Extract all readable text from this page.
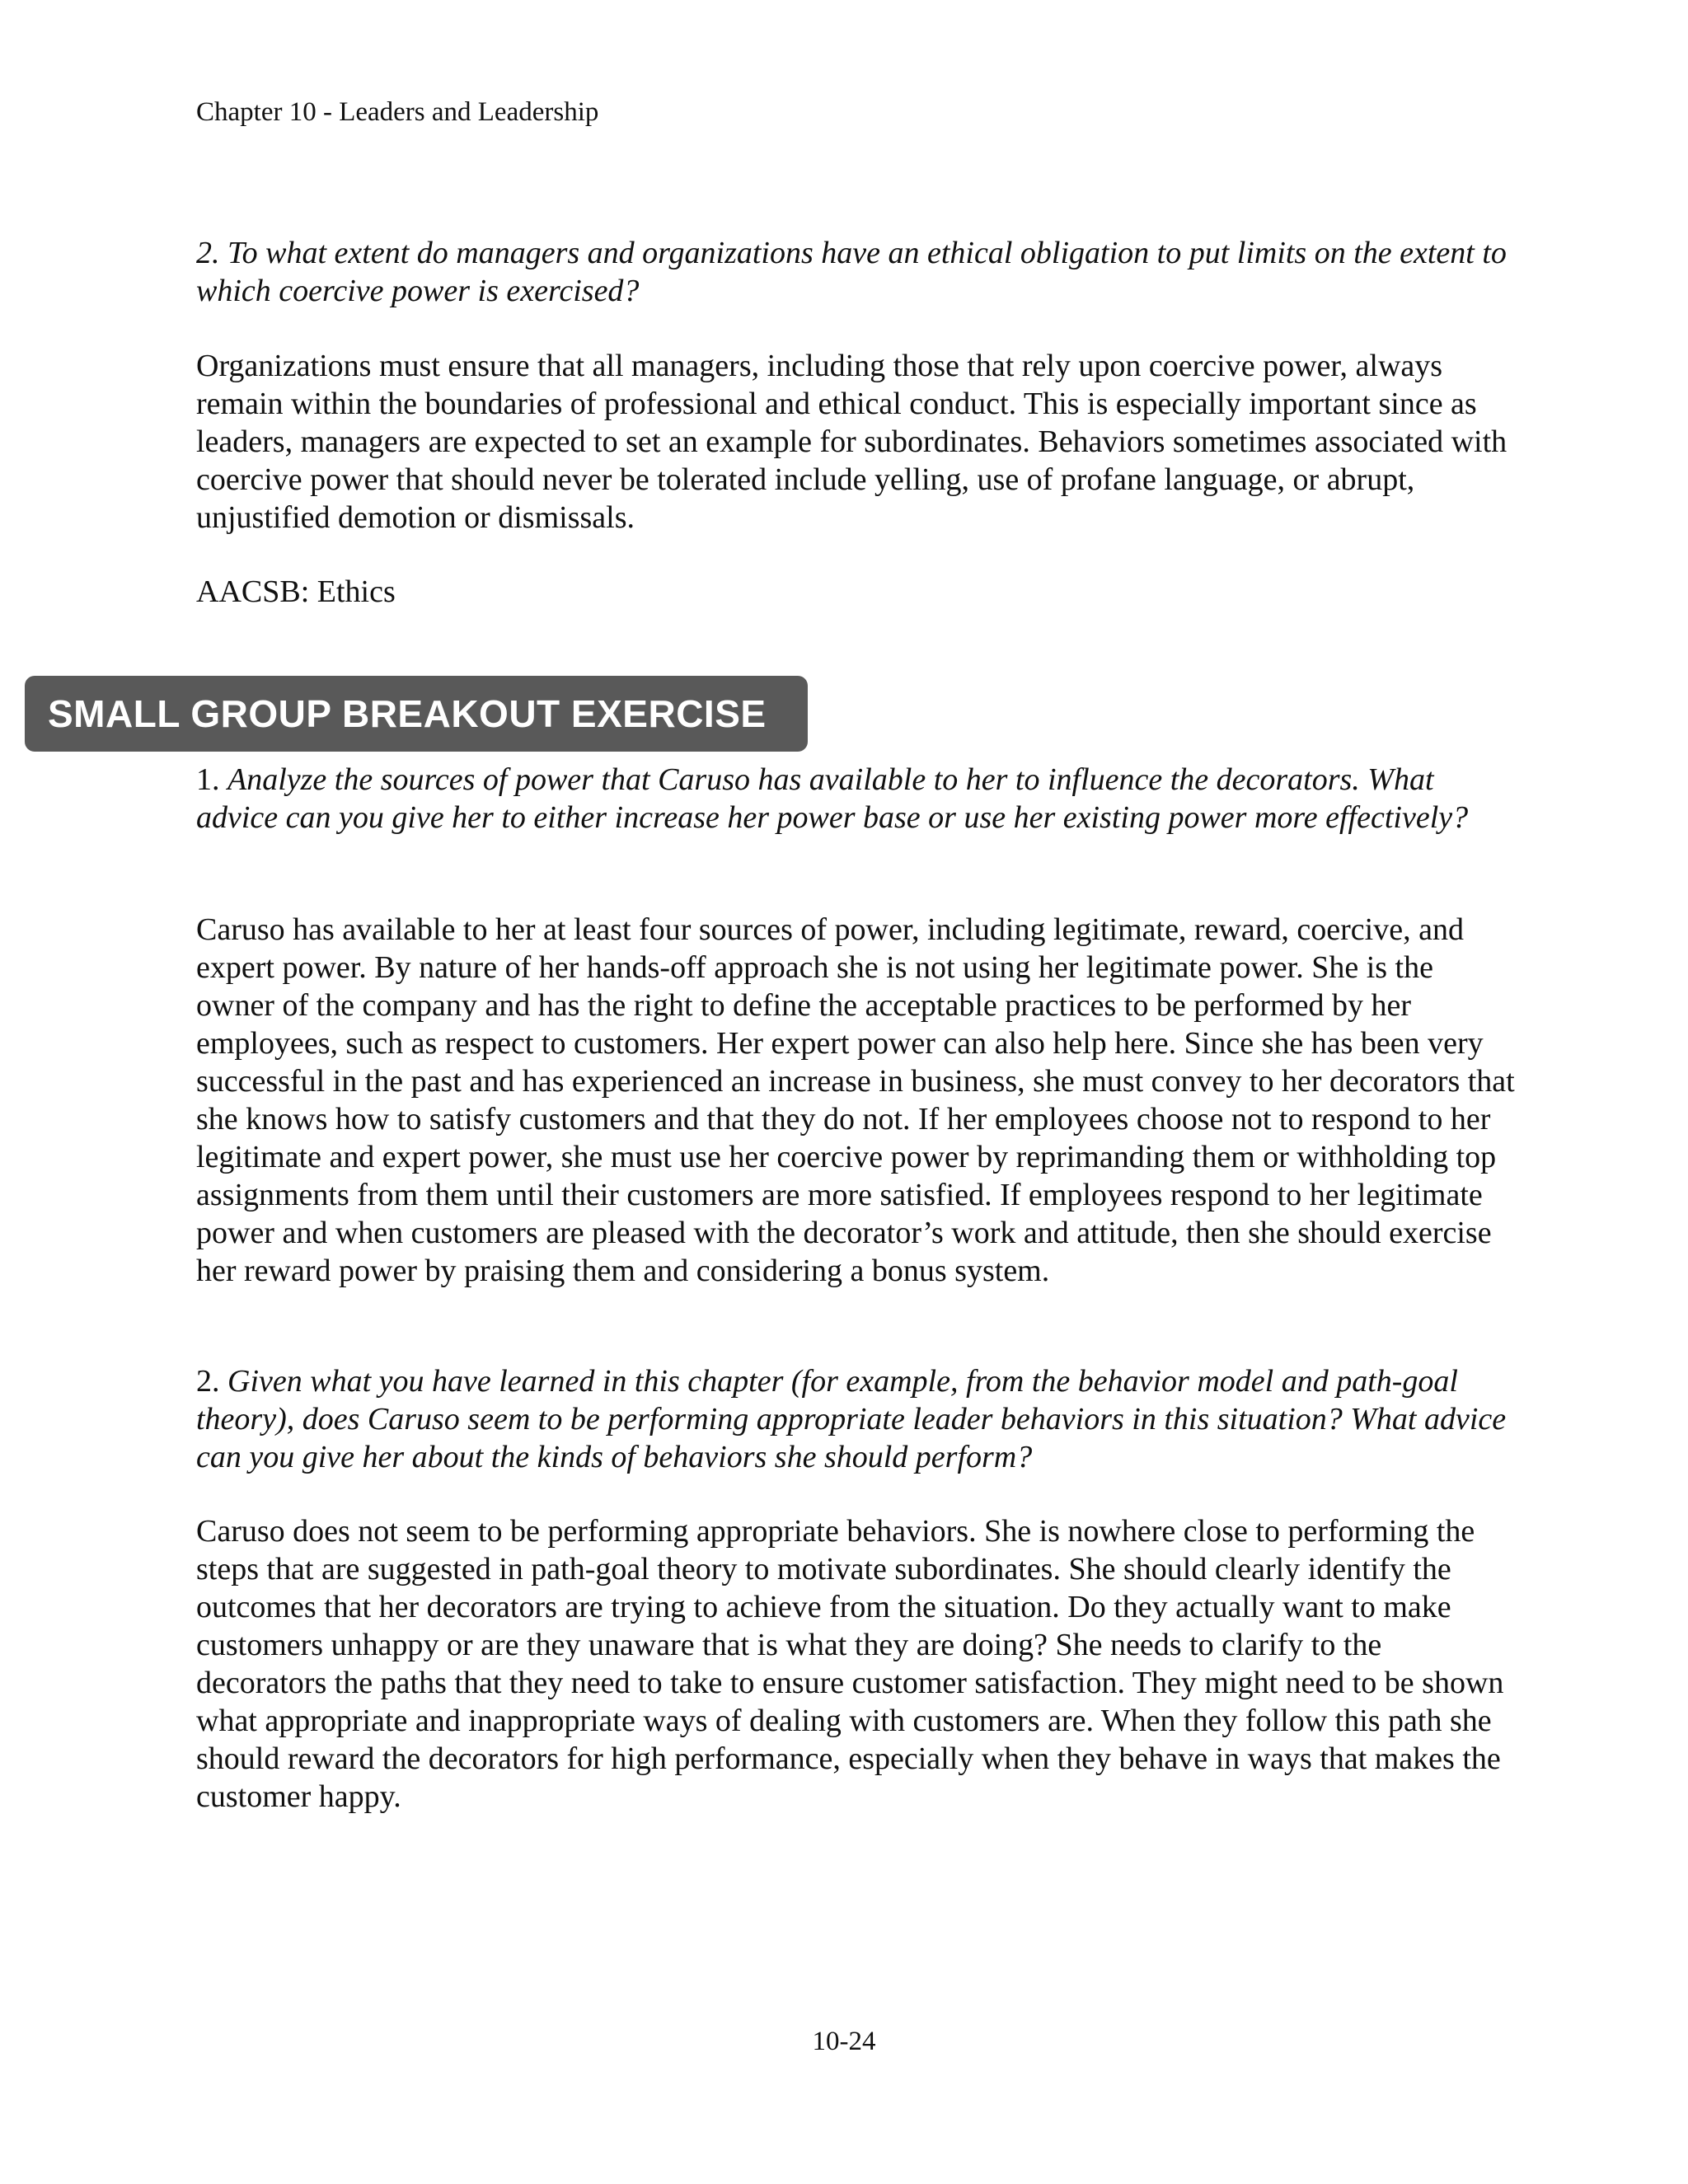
Chapter 10 - Leaders and Leadership

2. To what extent do managers and organizations have an ethical obligation to put limits on the extent to which coercive power is exercised?

Organizations must ensure that all managers, including those that rely upon coercive power, always remain within the boundaries of professional and ethical conduct. This is especially important since as leaders, managers are expected to set an example for subordinates. Behaviors sometimes associated with coercive power that should never be tolerated include yelling, use of profane language, or abrupt, unjustified demotion or dismissals.

AACSB: Ethics

SMALL GROUP BREAKOUT EXERCISE

1. Analyze the sources of power that Caruso has available to her to influence the decorators. What advice can you give her to either increase her power base or use her existing power more effectively?

Caruso has available to her at least four sources of power, including legitimate, reward, coercive, and expert power. By nature of her hands-off approach she is not using her legitimate power. She is the owner of the company and has the right to define the acceptable practices to be performed by her employees, such as respect to customers. Her expert power can also help here. Since she has been very successful in the past and has experienced an increase in business, she must convey to her decorators that she knows how to satisfy customers and that they do not. If her employees choose not to respond to her legitimate and expert power, she must use her coercive power by reprimanding them or withholding top assignments from them until their customers are more satisfied. If employees respond to her legitimate power and when customers are pleased with the decorator’s work and attitude, then she should exercise her reward power by praising them and considering a bonus system.

2. Given what you have learned in this chapter (for example, from the behavior model and path-goal theory), does Caruso seem to be performing appropriate leader behaviors in this situation? What advice can you give her about the kinds of behaviors she should perform?

Caruso does not seem to be performing appropriate behaviors. She is nowhere close to performing the steps that are suggested in path-goal theory to motivate subordinates. She should clearly identify the outcomes that her decorators are trying to achieve from the situation. Do they actually want to make customers unhappy or are they unaware that is what they are doing? She needs to clarify to the decorators the paths that they need to take to ensure customer satisfaction. They might need to be shown what appropriate and inappropriate ways of dealing with customers are. When they follow this path she should reward the decorators for high performance, especially when they behave in ways that makes the customer happy.

10-24
